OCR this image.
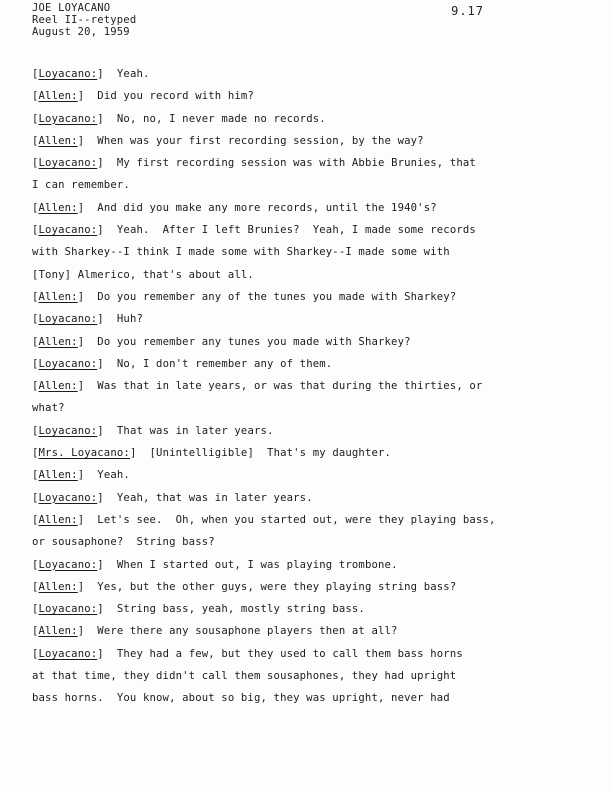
JOE LOYACANO
Reel II--retyped
August 20, 1959
9.17
[Loyacano:]  Yeah.
[Allen:]  Did you record with him?
[Loyacano:]  No, no, I never made no records.
[Allen:]  When was your first recording session, by the way?
[Loyacano:]  My first recording session was with Abbie Brunies, that
I can remember.
[Allen:]  And did you make any more records, until the 1940's?
[Loyacano:]  Yeah.  After I left Brunies?  Yeah, I made some records
with Sharkey--I think I made some with Sharkey--I made some with
[Tony] Almerico, that's about all.
[Allen:]  Do you remember any of the tunes you made with Sharkey?
[Loyacano:]  Huh?
[Allen:]  Do you remember any tunes you made with Sharkey?
[Loyacano:]  No, I don't remember any of them.
[Allen:]  Was that in late years, or was that during the thirties, or
what?
[Loyacano:]  That was in later years.
[Mrs. Loyacano:]  [Unintelligible]  That's my daughter.
[Allen:]  Yeah.
[Loyacano:]  Yeah, that was in later years.
[Allen:]  Let's see.  Oh, when you started out, were they playing bass,
or sousaphone?  String bass?
[Loyacano:]  When I started out, I was playing trombone.
[Allen:]  Yes, but the other guys, were they playing string bass?
[Loyacano:]  String bass, yeah, mostly string bass.
[Allen:]  Were there any sousaphone players then at all?
[Loyacano:]  They had a few, but they used to call them bass horns
at that time, they didn't call them sousaphones, they had upright
bass horns.  You know, about so big, they was upright, never had
